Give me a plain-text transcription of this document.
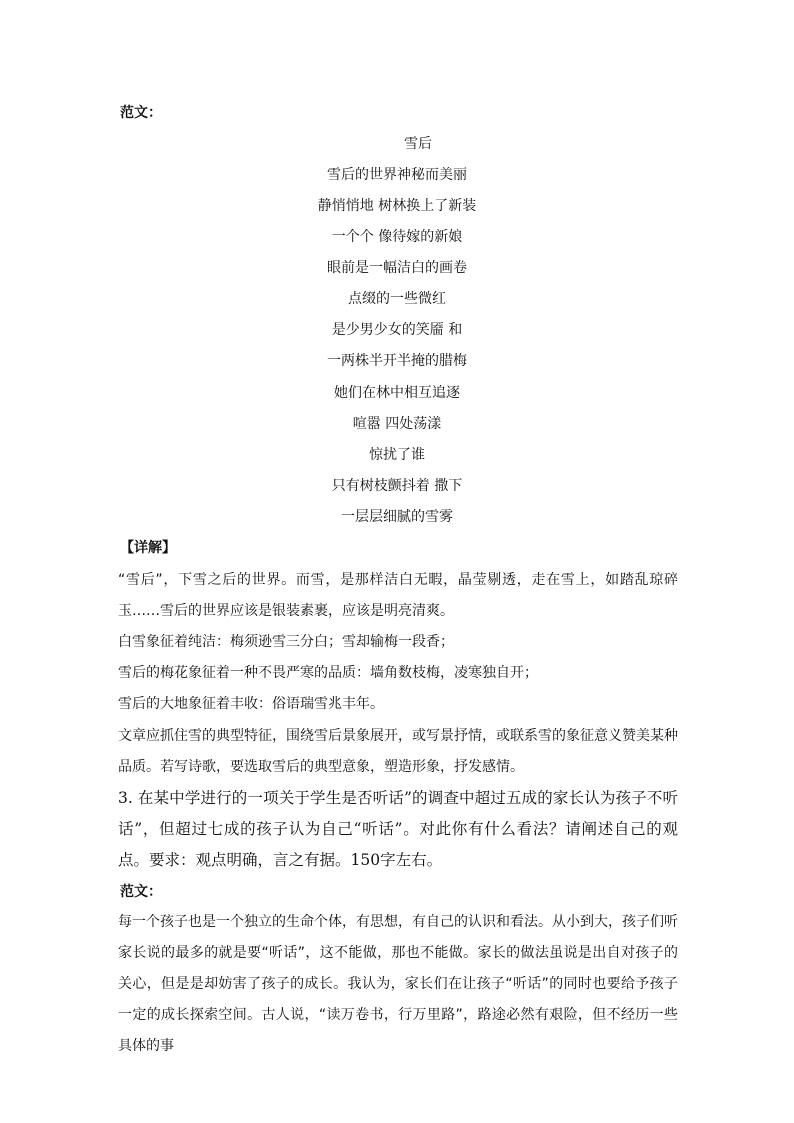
范文：
雪后
雪后的世界神秘而美丽
静悄悄地 树林换上了新装
一个个 像待嫁的新娘
眼前是一幅洁白的画卷
点缀的一些微红
是少男少女的笑靥 和
一两株半开半掩的腊梅
她们在林中相互追逐
喧嚣 四处荡漾
惊扰了谁
只有树枝颤抖着 撒下
一层层细腻的雪雾
【详解】
“雪后”，下雪之后的世界。而雪，是那样洁白无暇，晶莹剔透，走在雪上，如踏乱琼碎玉……雪后的世界应该是银装素裹，应该是明亮清爽。
白雪象征着纯洁：梅须逊雪三分白；雪却输梅一段香；
雪后的梅花象征着一种不畏严寒的品质：墙角数枝梅，凌寒独自开；
雪后的大地象征着丰收：俗语瑞雪兆丰年。
文章应抓住雪的典型特征，围绕雪后景象展开，或写景抒情，或联系雪的象征意义赞美某种品质。若写诗歌，要选取雪后的典型意象，塑造形象，抒发感情。
3. 在某中学进行的一项关于学生是否听话”的调查中超过五成的家长认为孩子不听话”，但超过七成的孩子认为自己“听话”。对此你有什么看法？请阐述自己的观点。要求：观点明确，言之有据。150字左右。
范文：
每一个孩子也是一个独立的生命个体，有思想，有自己的认识和看法。从小到大，孩子们听家长说的最多的就是要“听话”，这不能做，那也不能做。家长的做法虽说是出自对孩子的关心，但是是却妨害了孩子的成长。我认为，家长们在让孩子“听话”的同时也要给予孩子一定的成长探索空间。古人说，“读万卷书，行万里路”，路途必然有艰险，但不经历一些具体的事
